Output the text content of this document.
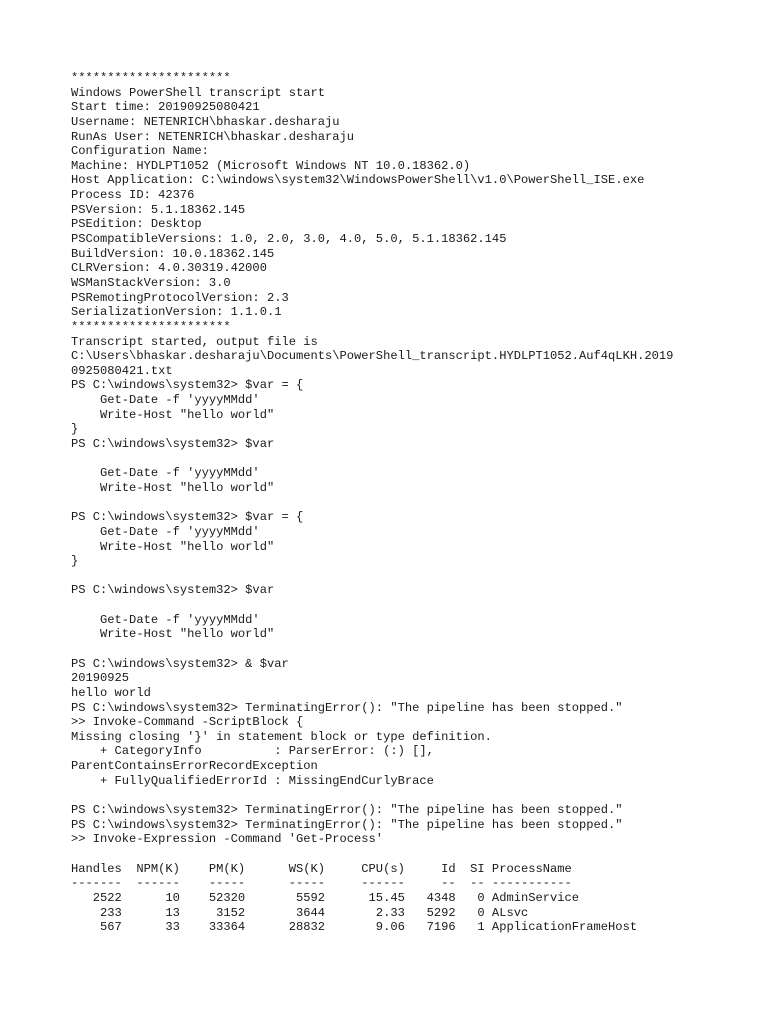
**********************
Windows PowerShell transcript start
Start time: 20190925080421
Username: NETENRICH\bhaskar.desharaju
RunAs User: NETENRICH\bhaskar.desharaju
Configuration Name:
Machine: HYDLPT1052 (Microsoft Windows NT 10.0.18362.0)
Host Application: C:\windows\system32\WindowsPowerShell\v1.0\PowerShell_ISE.exe
Process ID: 42376
PSVersion: 5.1.18362.145
PSEdition: Desktop
PSCompatibleVersions: 1.0, 2.0, 3.0, 4.0, 5.0, 5.1.18362.145
BuildVersion: 10.0.18362.145
CLRVersion: 4.0.30319.42000
WSManStackVersion: 3.0
PSRemotingProtocolVersion: 2.3
SerializationVersion: 1.1.0.1
**********************
Transcript started, output file is
C:\Users\bhaskar.desharaju\Documents\PowerShell_transcript.HYDLPT1052.Auf4qLKH.2019
0925080421.txt
PS C:\windows\system32> $var = {
Get-Date -f 'yyyyMMdd'
Write-Host "hello world"
}
PS C:\windows\system32> $var
Get-Date -f 'yyyyMMdd'
Write-Host "hello world"
PS C:\windows\system32> $var = {
Get-Date -f 'yyyyMMdd'
Write-Host "hello world"
}
PS C:\windows\system32> $var
Get-Date -f 'yyyyMMdd'
Write-Host "hello world"
PS C:\windows\system32> & $var
20190925
hello world
PS C:\windows\system32> TerminatingError(): "The pipeline has been stopped."
>> Invoke-Command -ScriptBlock {
Missing closing '}' in statement block or type definition.
+ CategoryInfo          : ParserError: (:) [],
ParentContainsErrorRecordException
+ FullyQualifiedErrorId : MissingEndCurlyBrace
PS C:\windows\system32> TerminatingError(): "The pipeline has been stopped."
PS C:\windows\system32> TerminatingError(): "The pipeline has been stopped."
>> Invoke-Expression -Command 'Get-Process'
Handles  NPM(K)    PM(K)      WS(K)     CPU(s)     Id  SI ProcessName
-------  ------    -----      -----     ------     --  -- -----------
2522      10    52320       5592      15.45   4348   0 AdminService
233      13     3152       3644       2.33   5292   0 ALsvc
567      33    33364      28832       9.06   7196   1 ApplicationFrameHost
